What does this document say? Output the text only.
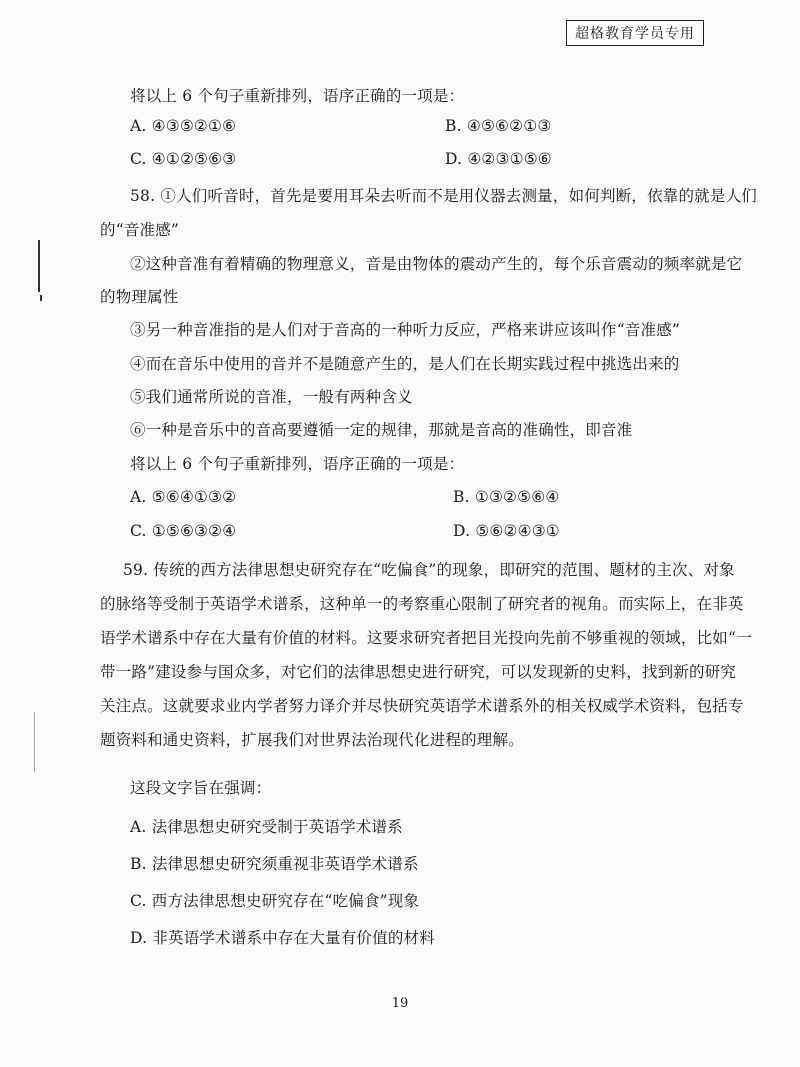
超格教育学员专用
将以上 6 个句子重新排列，语序正确的一项是：
A. ④③⑤②①⑥	B. ④⑤⑥②①③
C. ④①②⑤⑥③	D. ④②③①⑤⑥
58. ①人们听音时，首先是要用耳朵去听而不是用仪器去测量，如何判断，依靠的就是人们
的“音准感”
②这种音准有着精确的物理意义，音是由物体的震动产生的，每个乐音震动的频率就是它
的物理属性
③另一种音准指的是人们对于音高的一种听力反应，严格来讲应该叫作“音准感”
④而在音乐中使用的音并不是随意产生的，是人们在长期实践过程中挑选出来的
⑤我们通常所说的音准，一般有两种含义
⑥一种是音乐中的音高要遵循一定的规律，那就是音高的准确性，即音准
将以上 6 个句子重新排列，语序正确的一项是：
A. ⑤⑥④①③②	B. ①③②⑤⑥④
C. ①⑤⑥③②④	D. ⑤⑥②④③①
59. 传统的西方法律思想史研究存在“吃偏食”的现象，即研究的范围、题材的主次、对象
的脉络等受制于英语学术谱系，这种单一的考察重心限制了研究者的视角。而实际上，在非英
语学术谱系中存在大量有价值的材料。这要求研究者把目光投向先前不够重视的领域，比如“一
带一路”建设参与国众多，对它们的法律思想史进行研究，可以发现新的史料，找到新的研究
关注点。这就要求业内学者努力译介并尽快研究英语学术谱系外的相关权威学术资料，包括专
题资料和通史资料，扩展我们对世界法治现代化进程的理解。
这段文字旨在强调：
A. 法律思想史研究受制于英语学术谱系
B. 法律思想史研究须重视非英语学术谱系
C. 西方法律思想史研究存在“吃偏食”现象
D. 非英语学术谱系中存在大量有价值的材料
19
